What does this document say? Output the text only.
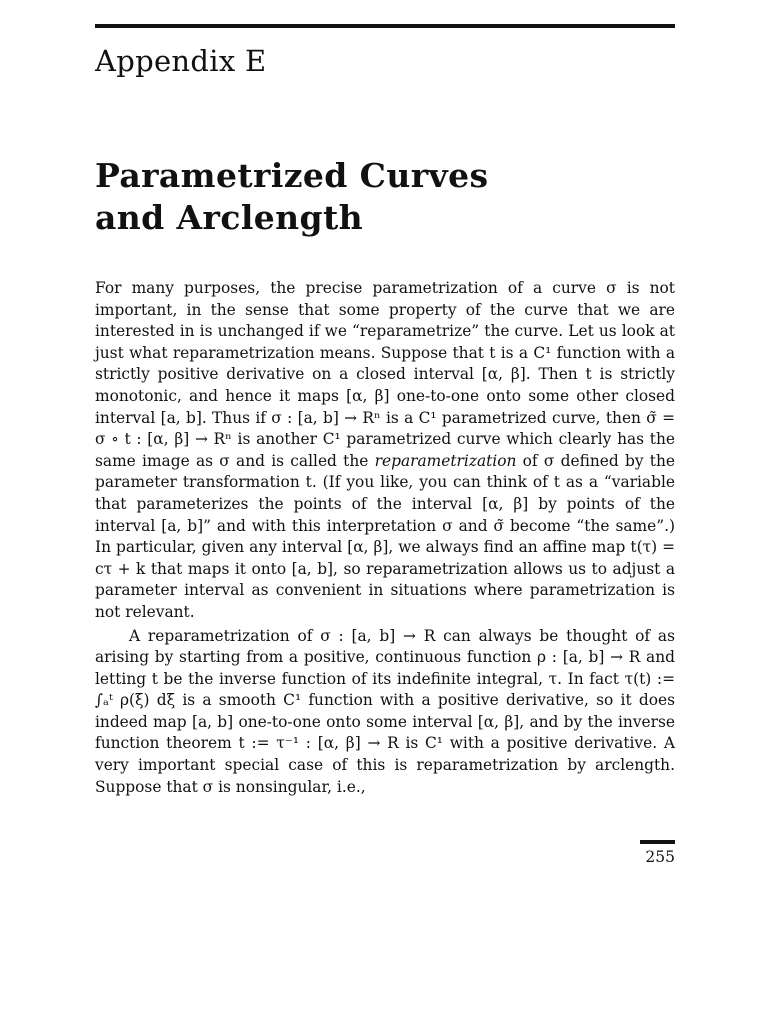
Appendix E
Parametrized Curves
and Arclength

For many purposes, the precise parametrization of a curve σ is not important, in the sense that some property of the curve that we are interested in is unchanged if we “reparametrize” the curve. Let us look at just what reparametrization means. Suppose that t is a C¹ function with a strictly positive derivative on a closed interval [α, β]. Then t is strictly monotonic, and hence it maps [α, β] one-to-one onto some other closed interval [a, b]. Thus if σ : [a, b] → Rⁿ is a C¹ parametrized curve, then σ̃ = σ ∘ t : [α, β] → Rⁿ is another C¹ parametrized curve which clearly has the same image as σ and is called the reparametrization of σ defined by the parameter transformation t. (If you like, you can think of t as a “variable that parameterizes the points of the interval [α, β] by points of the interval [a, b]” and with this interpretation σ and σ̃ become “the same”.) In particular, given any interval [α, β], we always find an affine map t(τ) = cτ + k that maps it onto [a, b], so reparametrization allows us to adjust a parameter interval as convenient in situations where parametrization is not relevant.

A reparametrization of σ : [a, b] → R can always be thought of as arising by starting from a positive, continuous function ρ : [a, b] → R and letting t be the inverse function of its indefinite integral, τ. In fact τ(t) := ∫ₐᵗ ρ(ξ) dξ is a smooth C¹ function with a positive derivative, so it does indeed map [a, b] one-to-one onto some interval [α, β], and by the inverse function theorem t := τ⁻¹ : [α, β] → R is C¹ with a positive derivative. A very important special case of this is reparametrization by arclength. Suppose that σ is nonsingular, i.e.,

255
